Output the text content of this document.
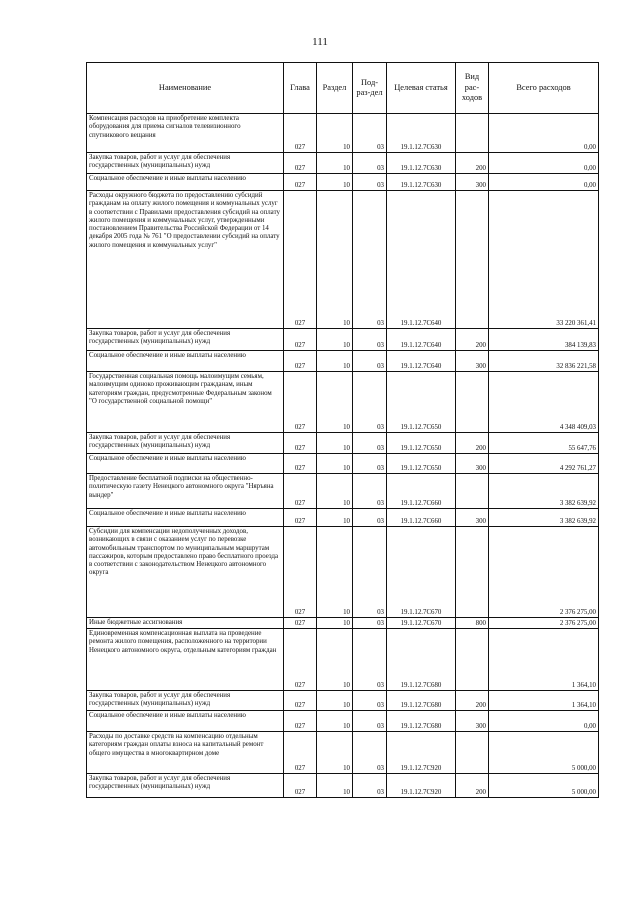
111
Наименование	Глава	Раздел	Под-раз-дел	Целевая статья	Вид рас-ходов	Всего расходов
Компенсация расходов на приобретение комплекта оборудования для приема сигналов телевизионного спутникового вещания	027	10	03	19.1.12.7С630		0,00
Закупка товаров, работ и услуг для обеспечения государственных (муниципальных) нужд	027	10	03	19.1.12.7С630	200	0,00
Социальное обеспечение и иные выплаты населению	027	10	03	19.1.12.7С630	300	0,00
Расходы окружного бюджета по предоставлению субсидий гражданам на оплату жилого помещения и коммунальных услуг в соответствии с Правилами предоставления субсидий на оплату жилого помещения и коммунальных услуг, утвержденными постановлением Правительства Российской Федерации от 14 декабря 2005 года № 761 "О предоставлении субсидий на оплату жилого помещения и коммунальных услуг"	027	10	03	19.1.12.7С640		33 220 361,41
Закупка товаров, работ и услуг для обеспечения государственных (муниципальных) нужд	027	10	03	19.1.12.7С640	200	384 139,83
Социальное обеспечение и иные выплаты населению	027	10	03	19.1.12.7С640	300	32 836 221,58
Государственная социальная помощь малоимущим семьям, малоимущим одиноко проживающим гражданам, иным категориям граждан, предусмотренные Федеральным законом "О государственной социальной помощи"	027	10	03	19.1.12.7С650		4 348 409,03
Закупка товаров, работ и услуг для обеспечения государственных (муниципальных) нужд	027	10	03	19.1.12.7С650	200	55 647,76
Социальное обеспечение и иные выплаты населению	027	10	03	19.1.12.7С650	300	4 292 761,27
Предоставление бесплатной подписки на общественно-политическую газету Ненецкого автономного округа "Няръяна вындер"	027	10	03	19.1.12.7С660		3 382 639,92
Социальное обеспечение и иные выплаты населению	027	10	03	19.1.12.7С660	300	3 382 639,92
Субсидии для компенсации недополученных доходов, возникающих в связи с оказанием услуг по перевозке автомобильным транспортом по муниципальным маршрутам пассажиров, которым предоставлено право бесплатного проезда в соответствии с законодательством Ненецкого автономного округа	027	10	03	19.1.12.7С670		2 376 275,00
Иные бюджетные ассигнования	027	10	03	19.1.12.7С670	800	2 376 275,00
Единовременная компенсационная выплата на проведение ремонта жилого помещения, расположенного на территории Ненецкого автономного округа, отдельным категориям граждан	027	10	03	19.1.12.7С680		1 364,10
Закупка товаров, работ и услуг для обеспечения государственных (муниципальных) нужд	027	10	03	19.1.12.7С680	200	1 364,10
Социальное обеспечение и иные выплаты населению	027	10	03	19.1.12.7С680	300	0,00
Расходы по доставке средств на компенсацию отдельным категориям граждан оплаты взноса на капитальный ремонт общего имущества в многоквартирном доме	027	10	03	19.1.12.7С920		5 000,00
Закупка товаров, работ и услуг для обеспечения государственных (муниципальных) нужд	027	10	03	19.1.12.7С920	200	5 000,00
